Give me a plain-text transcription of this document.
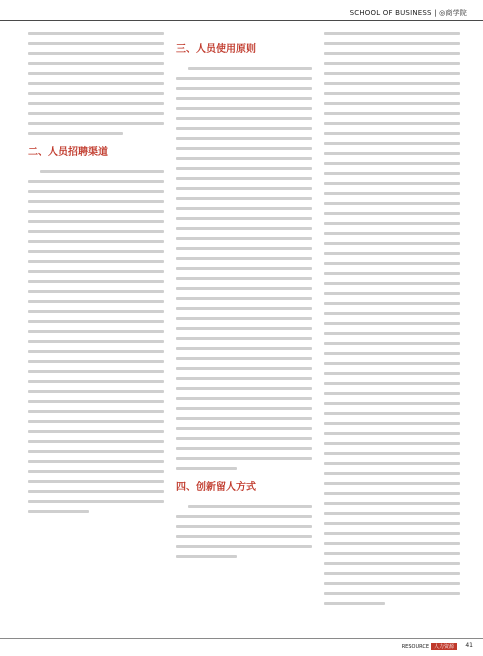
SCHOOL OF BUSINESS | ◎商学院
二、人员招聘渠道
三、人员使用原则
四、创新留人方式
RESOURCE 人力资源	41
